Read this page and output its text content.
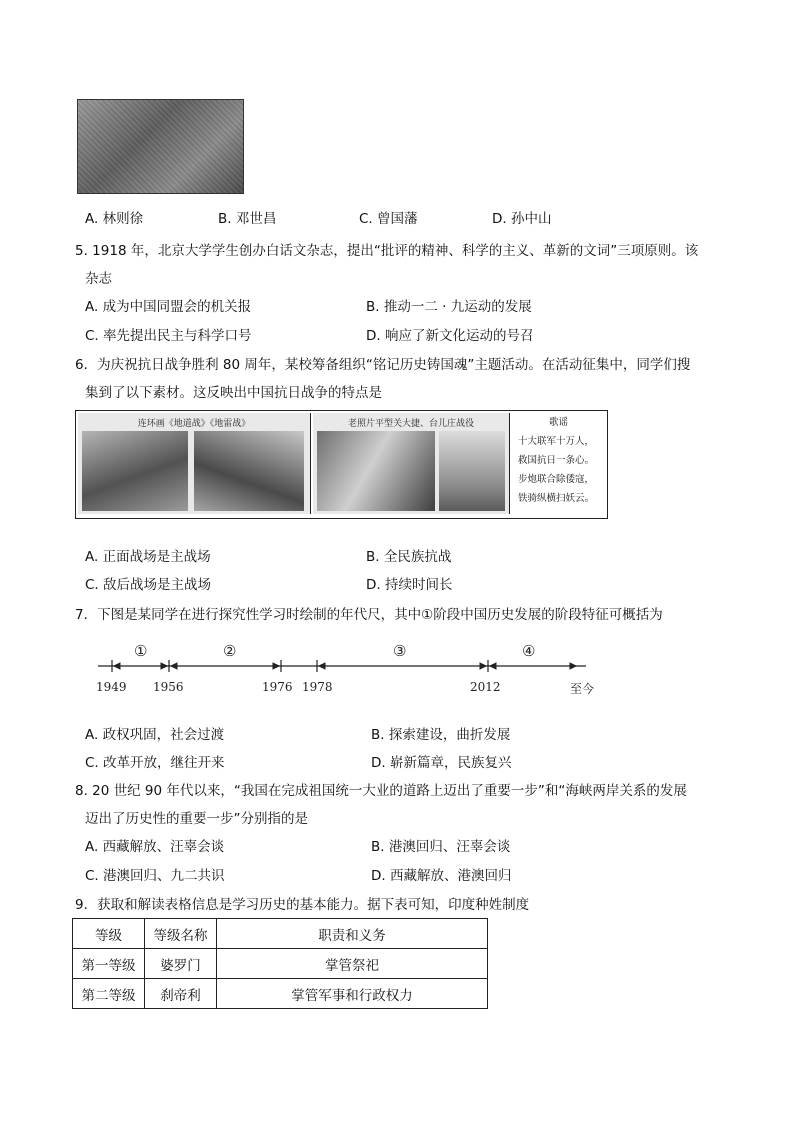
A. 林则徐	B. 邓世昌	C. 曾国藩	D. 孙中山
5. 1918 年，北京大学学生创办白话文杂志，提出“批评的精神、科学的主义、革新的文词”三项原则。该
杂志
A. 成为中国同盟会的机关报	B. 推动一二 · 九运动的发展
C. 率先提出民主与科学口号	D. 响应了新文化运动的号召
6．为庆祝抗日战争胜利 80 周年，某校筹备组织“铭记历史铸国魂”主题活动。在活动征集中，同学们搜
集到了以下素材。这反映出中国抗日战争的特点是
连环画《地道战》《地雷战》	老照片平型关大捷、台儿庄战役	歌谣
十大联军十万人，
救国抗日一条心。
步炮联合除倭寇，
铁骑纵横扫妖云。
A. 正面战场是主战场	B. 全民族抗战
C. 敌后战场是主战场	D. 持续时间长
7．下图是某同学在进行探究性学习时绘制的年代尺，其中①阶段中国历史发展的阶段特征可概括为
①	②	③	④
1949 1956	1976 1978	2012	至今
A. 政权巩固，社会过渡	B. 探索建设，曲折发展
C. 改革开放，继往开来	D. 崭新篇章，民族复兴
8. 20 世纪 90 年代以来，“我国在完成祖国统一大业的道路上迈出了重要一步”和“海峡两岸关系的发展
迈出了历史性的重要一步”分别指的是
A. 西藏解放、汪辜会谈	B. 港澳回归、汪辜会谈
C. 港澳回归、九二共识	D. 西藏解放、港澳回归
9．获取和解读表格信息是学习历史的基本能力。据下表可知，印度种姓制度
等级	等级名称	职责和义务
第一等级	婆罗门	掌管祭祀
第二等级	刹帝利	掌管军事和行政权力
